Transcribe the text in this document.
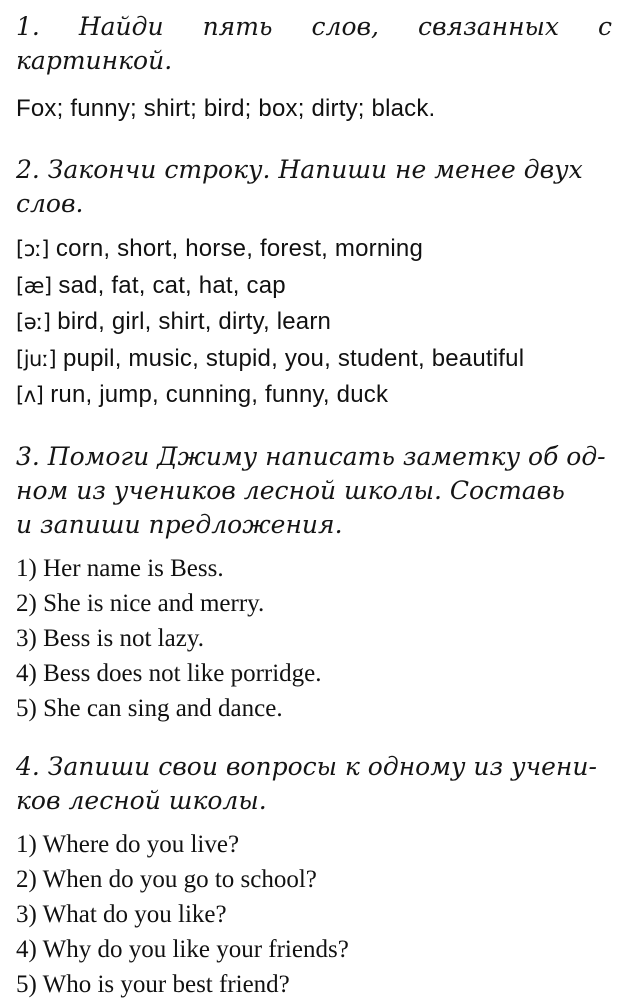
1. Найди пять слов, связанных с картинкой.

Fox; funny; shirt; bird; box; dirty; black.

2. Закончи строку. Напиши не менее двух

слов.

[ɔː] corn, short, horse, forest, morning

[æ] sad, fat, cat, hat, cap

[əː] bird, girl, shirt, dirty, learn

[juː] pupil, music, stupid, you, student, beautiful

[ʌ] run, jump, cunning, funny, duck

3. Помоги Джиму написать заметку об од-

ном из учеников лесной школы. Составь

и запиши предложения.

1) Her name is Bess.

2) She is nice and merry.

3) Bess is not lazy.

4) Bess does not like porridge.

5) She can sing and dance.

4. Запиши свои вопросы к одному из учени-

ков лесной школы.

1) Where do you live?

2) When do you go to school?

3) What do you like?

4) Why do you like your friends?

5) Who is your best friend?
